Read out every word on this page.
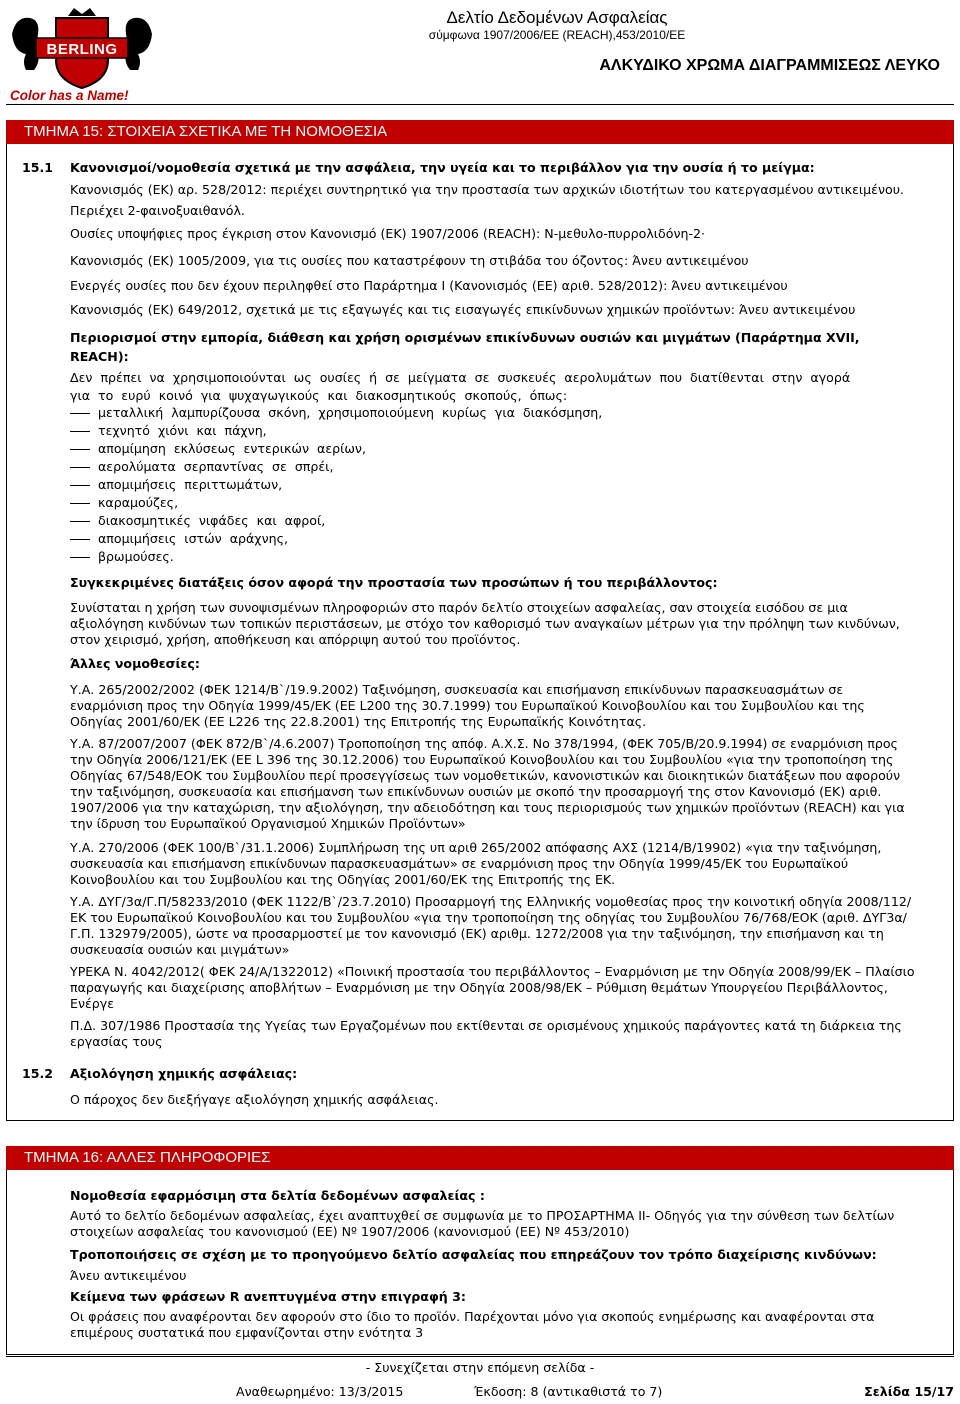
BERLING
Color has a Name!
Δελτίο Δεδομένων Ασφαλείας
σύμφωνα 1907/2006/ΕΕ (REACH),453/2010/ΕΕ
ΑΛΚΥΔΙΚΟ ΧΡΩΜΑ ΔΙΑΓΡΑΜΜΙΣΕΩΣ ΛΕΥΚΟ
ΤΜΗΜΑ 15: ΣΤΟΙΧΕΙΑ ΣΧΕΤΙΚΑ ΜΕ ΤΗ ΝΟΜΟΘΕΣΙΑ
15.1 Κανονισμοί/νομοθεσία σχετικά με την ασφάλεια, την υγεία και το περιβάλλον για την ουσία ή το μείγμα:
Κανονισμός (ΕΚ) αρ. 528/2012: περιέχει συντηρητικό για την προστασία των αρχικών ιδιοτήτων του κατεργασμένου αντικειμένου.
Περιέχει 2-φαινοξυαιθανόλ.
Ουσίες υποψήφιες προς έγκριση στον Κανονισμό (ΕΚ) 1907/2006 (REACH): Ν-μεθυλο-πυρρολιδόνη-2·
Κανονισμός (ΕΚ) 1005/2009, για τις ουσίες που καταστρέφουν τη στιβάδα του όζοντος: Άνευ αντικειμένου
Ενεργές ουσίες που δεν έχουν περιληφθεί στο Παράρτημα Ι (Κανονισμός (ΕΕ) αριθ. 528/2012): Άνευ αντικειμένου
Κανονισμός (ΕΚ) 649/2012, σχετικά με τις εξαγωγές και τις εισαγωγές επικίνδυνων χημικών προϊόντων: Άνευ αντικειμένου
Περιορισμοί στην εμπορία, διάθεση και χρήση ορισμένων επικίνδυνων ουσιών και μιγμάτων (Παράρτημα XVII,
REACH):
Δεν πρέπει να χρησιμοποιούνται ως ουσίες ή σε μείγματα σε συσκευές αερολυμάτων που διατίθενται στην αγορά
για το ευρύ κοινό για ψυχαγωγικούς και διακοσμητικούς σκοπούς, όπως:
μεταλλική λαμπυρίζουσα σκόνη, χρησιμοποιούμενη κυρίως για διακόσμηση,
τεχνητό χιόνι και πάχνη,
απομίμηση εκλύσεως εντερικών αερίων,
αερολύματα σερπαντίνας σε σπρέι,
απομιμήσεις περιττωμάτων,
καραμούζες,
διακοσμητικές νιφάδες και αφροί,
απομιμήσεις ιστών αράχνης,
βρωμούσες.
Συγκεκριμένες διατάξεις όσον αφορά την προστασία των προσώπων ή του περιβάλλοντος:
Συνίσταται η χρήση των συνοψισμένων πληροφοριών στο παρόν δελτίο στοιχείων ασφαλείας, σαν στοιχεία εισόδου σε μια αξιολόγηση κινδύνων των τοπικών περιστάσεων, με στόχο τον καθορισμό των αναγκαίων μέτρων για την πρόληψη των κινδύνων, στον χειρισμό, χρήση, αποθήκευση και απόρριψη αυτού του προϊόντος.
Άλλες νομοθεσίες:
Υ.Α. 265/2002/2002 (ΦΕΚ 1214/Β`/19.9.2002) Ταξινόμηση, συσκευασία και επισήμανση επικίνδυνων παρασκευασμάτων σε εναρμόνιση προς την Οδηγία 1999/45/ΕΚ (ΕΕ L200 της 30.7.1999) του Ευρωπαϊκού Κοινοβουλίου και του Συμβουλίου και της Οδηγίας 2001/60/ΕΚ (ΕΕ L226 της 22.8.2001) της Επιτροπής της Ευρωπαϊκής Κοινότητας.
Υ.Α. 87/2007/2007 (ΦΕΚ 872/Β`/4.6.2007) Τροποποίηση της απόφ. Α.Χ.Σ. Νο 378/1994, (ΦΕΚ 705/Β/20.9.1994) σε εναρμόνιση προς την Οδηγία 2006/121/ΕΚ (ΕΕ L 396 της 30.12.2006) του Ευρωπαϊκού Κοινοβουλίου και του Συμβουλίου «για την τροποποίηση της Οδηγίας 67/548/ΕΟΚ του Συμβουλίου περί προσεγγίσεως των νομοθετικών, κανονιστικών και διοικητικών διατάξεων που αφορούν την ταξινόμηση, συσκευασία και επισήμανση των επικίνδυνων ουσιών με σκοπό την προσαρμογή της στον Κανονισμό (ΕΚ) αριθ. 1907/2006 για την καταχώριση, την αξιολόγηση, την αδειοδότηση και τους περιορισμούς των χημικών προϊόντων (REACH) και για την ίδρυση του Ευρωπαϊκού Οργανισμού Χημικών Προϊόντων»
Υ.Α. 270/2006 (ΦΕΚ 100/Β`/31.1.2006) Συμπλήρωση της υπ αριθ 265/2002 απόφασης ΑΧΣ (1214/Β/19902) «για την ταξινόμηση, συσκευασία και επισήμανση επικίνδυνων παρασκευασμάτων» σε εναρμόνιση προς την Οδηγία 1999/45/ΕΚ του Ευρωπαϊκού Κοινοβουλίου και του Συμβουλίου και της Οδηγίας 2001/60/ΕΚ της Επιτροπής της ΕΚ.
Υ.Α. ΔΥΓ/3α/Γ.Π/58233/2010 (ΦΕΚ 1122/Β`/23.7.2010) Προσαρμογή της Ελληνικής νομοθεσίας προς την κοινοτική οδηγία 2008/112/ΕΚ του Ευρωπαϊκού Κοινοβουλίου και του Συμβουλίου «για την τροποποίηση της οδηγίας του Συμβουλίου 76/768/ΕΟΚ (αριθ. ΔΥΓ3α/Γ.Π. 132979/2005), ώστε να προσαρμοστεί με τον κανονισμό (ΕΚ) αριθμ. 1272/2008 για την ταξινόμηση, την επισήμανση και τη συσκευασία ουσιών και μιγμάτων»
ΥΡΕΚΑ Ν. 4042/2012( ΦΕΚ 24/Α/1322012) «Ποινική προστασία του περιβάλλοντος – Εναρμόνιση με την Οδηγία 2008/99/ΕΚ – Πλαίσιο παραγωγής και διαχείρισης αποβλήτων – Εναρμόνιση με την Οδηγία 2008/98/ΕΚ – Ρύθμιση θεμάτων Υπουργείου Περιβάλλοντος, Ενέργε
Π.Δ. 307/1986 Προστασία της Υγείας των Εργαζομένων που εκτίθενται σε ορισμένους χημικούς παράγοντες κατά τη διάρκεια της εργασίας τους
15.2 Αξιολόγηση χημικής ασφάλειας:
Ο πάροχος δεν διεξήγαγε αξιολόγηση χημικής ασφάλειας.
ΤΜΗΜΑ 16: ΑΛΛΕΣ ΠΛΗΡΟΦΟΡΙΕΣ
Νομοθεσία εφαρμόσιμη στα δελτία δεδομένων ασφαλείας :
Αυτό το δελτίο δεδομένων ασφαλείας, έχει αναπτυχθεί σε συμφωνία με το ΠΡΟΣΑΡΤΗΜΑ ΙΙ- Οδηγός για την σύνθεση των δελτίων στοιχείων ασφαλείας του κανονισμού (ΕΕ) Nº 1907/2006 (κανονισμού (ΕΕ) Nº 453/2010)
Τροποποιήσεις σε σχέση με το προηγούμενο δελτίο ασφαλείας που επηρεάζουν τον τρόπο διαχείρισης κινδύνων:
Άνευ αντικειμένου
Κείμενα των φράσεων R ανεπτυγμένα στην επιγραφή 3:
Οι φράσεις που αναφέρονται δεν αφορούν στο ίδιο το προϊόν. Παρέχονται μόνο για σκοπούς ενημέρωσης και αναφέρονται στα επιμέρους συστατικά που εμφανίζονται στην ενότητα 3
- Συνεχίζεται στην επόμενη σελίδα -
Αναθεωρημένο: 13/3/2015	Έκδοση: 8 (αντικαθιστά το 7)	Σελίδα 15/17
